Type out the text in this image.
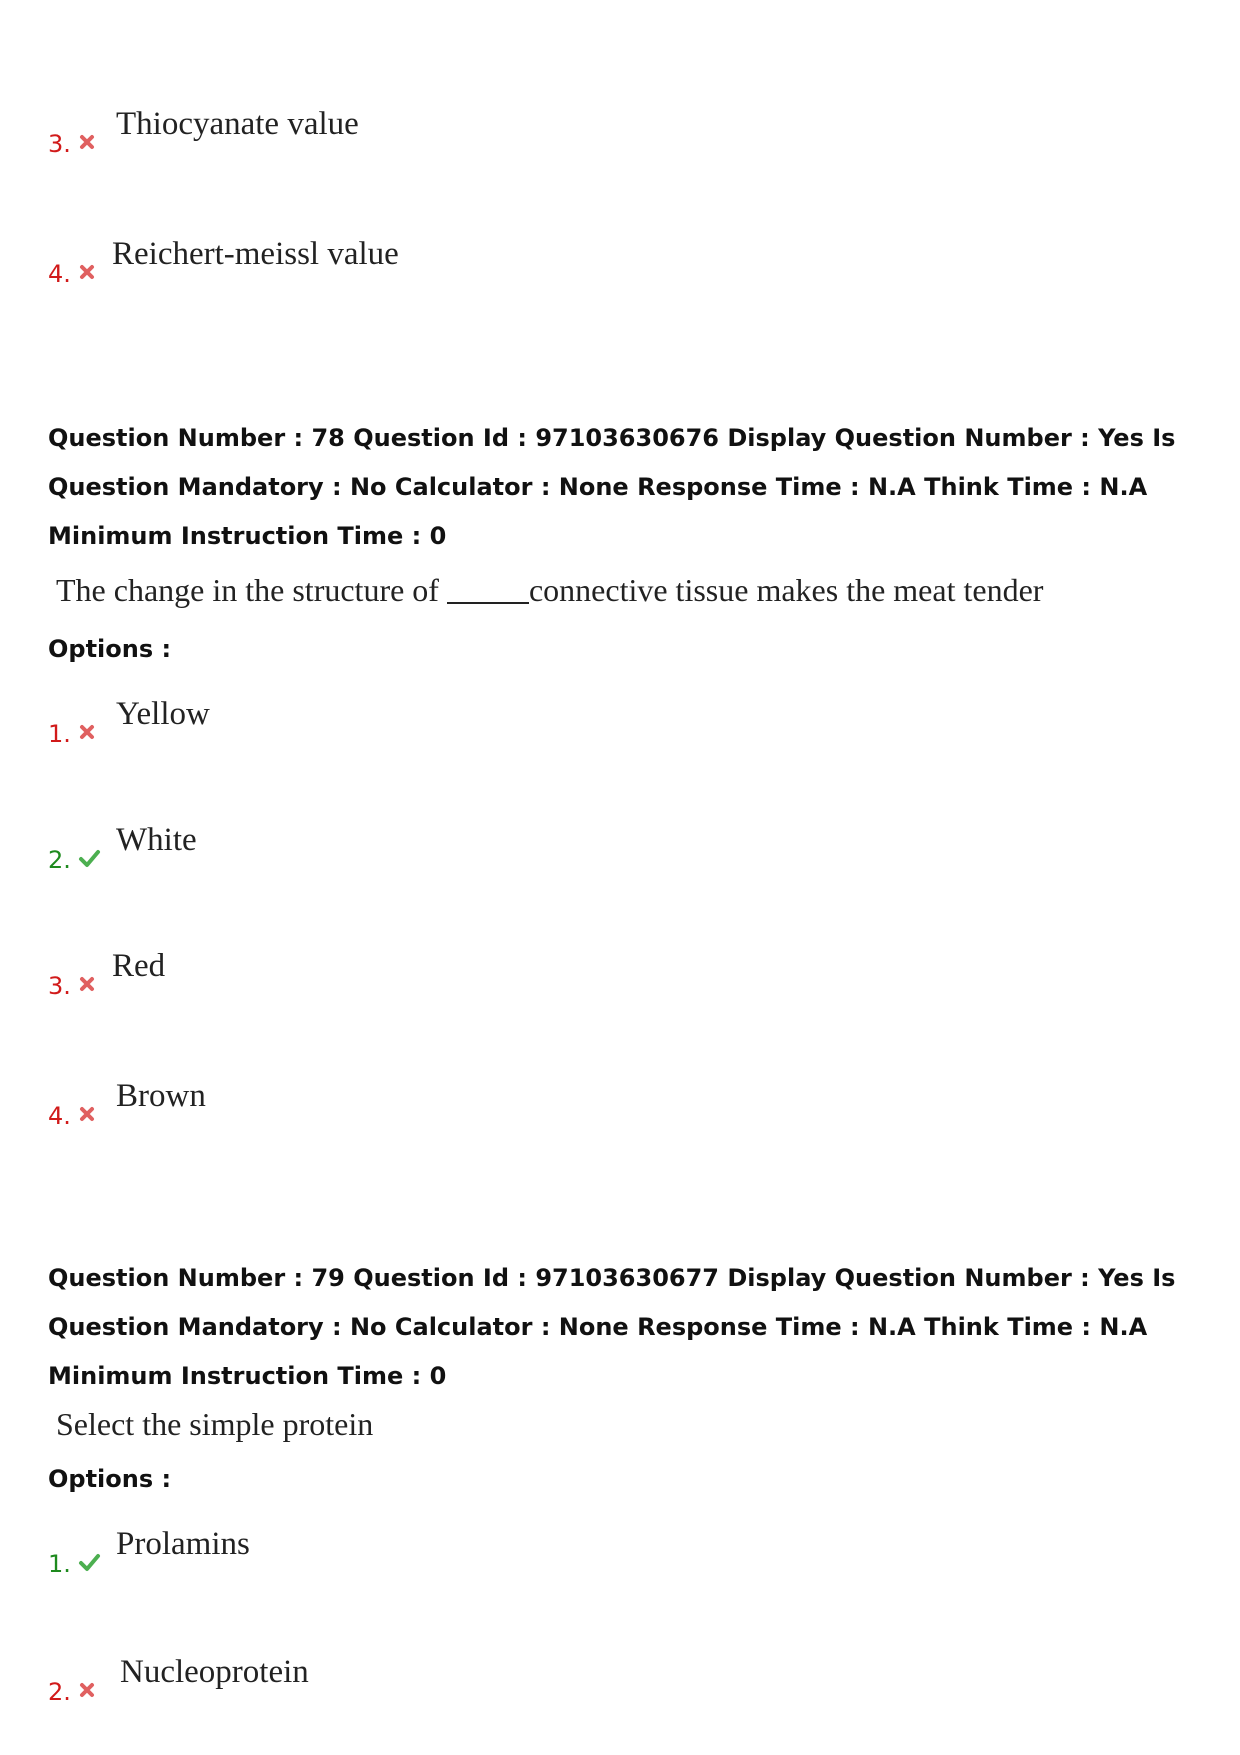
3.
Thiocyanate value
4.
Reichert-meissl value
Question Number : 78 Question Id : 97103630676 Display Question Number : Yes Is Question Mandatory : No Calculator : None Response Time : N.A Think Time : N.A Minimum Instruction Time : 0
The change in the structure of	connective tissue makes the meat tender
Options :
1.
Yellow
2.
White
3.
Red
4.
Brown
Question Number : 79 Question Id : 97103630677 Display Question Number : Yes Is Question Mandatory : No Calculator : None Response Time : N.A Think Time : N.A Minimum Instruction Time : 0
Select the simple protein
Options :
1.
Prolamins
2.
Nucleoprotein
